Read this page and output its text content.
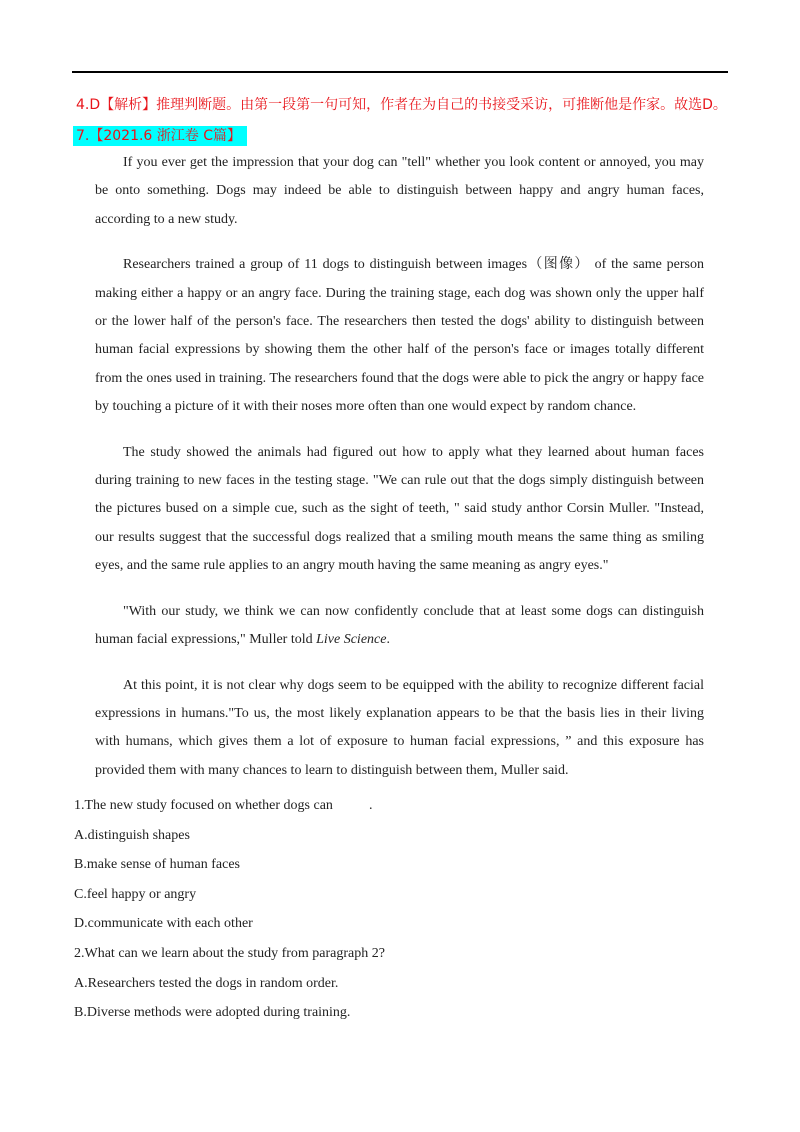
4.D【解析】推理判断题。由第一段第一句可知，作者在为自己的书接受采访，可推断他是作家。故选D。
7.【2021.6 浙江卷 C篇】

If you ever get the impression that your dog can "tell" whether you look content or annoyed, you may be onto something. Dogs may indeed be able to distinguish between happy and angry human faces, according to a new study.

Researchers trained a group of 11 dogs to distinguish between images（图像） of the same person making either a happy or an angry face. During the training stage, each dog was shown only the upper half or the lower half of the person's face. The researchers then tested the dogs' ability to distinguish between human facial expressions by showing them the other half of the person's face or images totally different from the ones used in training. The researchers found that the dogs were able to pick the angry or happy face by touching a picture of it with their noses more often than one would expect by random chance.

The study showed the animals had figured out how to apply what they learned about human faces during training to new faces in the testing stage. "We can rule out that the dogs simply distinguish between the pictures bused on a simple cue, such as the sight of teeth, " said study anthor Corsin Muller. "Instead, our results suggest that the successful dogs realized that a smiling mouth means the same thing as smiling eyes, and the same rule applies to an angry mouth having the same meaning as angry eyes."

"With our study, we think we can now confidently conclude that at least some dogs can distinguish human facial expressions," Muller told Live Science.

At this point, it is not clear why dogs seem to be equipped with the ability to recognize different facial expressions in humans."To us, the most likely explanation appears to be that the basis lies in their living with humans, which gives them a lot of exposure to human facial expressions, ” and this exposure has provided them with many chances to learn to distinguish between them, Muller said.

1.The new study focused on whether dogs can	.
A.distinguish shapes
B.make sense of human faces
C.feel happy or angry
D.communicate with each other
2.What can we learn about the study from paragraph 2?
A.Researchers tested the dogs in random order.
B.Diverse methods were adopted during training.
